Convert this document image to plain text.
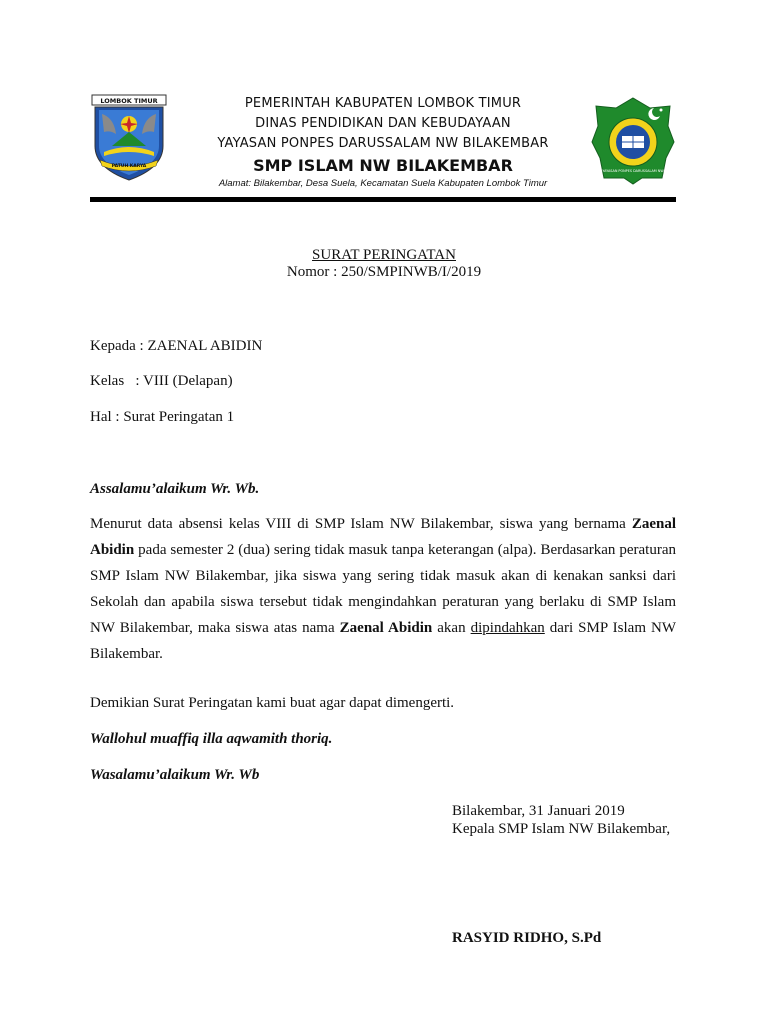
LOMBOK TIMUR
PATUH KARYA
YAYASAN PONPES DARUSSALAM NW
PEMERINTAH KABUPATEN LOMBOK TIMUR
DINAS PENDIDIKAN DAN KEBUDAYAAN
YAYASAN PONPES DARUSSALAM NW BILAKEMBAR
SMP ISLAM NW BILAKEMBAR
Alamat: Bilakembar, Desa Suela, Kecamatan Suela Kabupaten Lombok Timur
SURAT PERINGATAN
Nomor : 250/SMPINWB/I/2019
Kepada : ZAENAL ABIDIN
Kelas   : VIII (Delapan)
Hal : Surat Peringatan 1
Assalamu’alaikum Wr. Wb.
Menurut data absensi kelas VIII di SMP Islam NW Bilakembar, siswa yang bernama Zaenal Abidin pada semester 2 (dua) sering tidak masuk tanpa keterangan (alpa). Berdasarkan peraturan SMP Islam NW Bilakembar, jika siswa yang sering tidak masuk akan di kenakan sanksi dari Sekolah dan apabila siswa tersebut tidak mengindahkan peraturan yang berlaku di SMP Islam NW Bilakembar, maka siswa atas nama Zaenal Abidin akan dipindahkan dari SMP Islam NW Bilakembar.
Demikian Surat Peringatan kami buat agar dapat dimengerti.
Wallohul muaffiq illa aqwamith thoriq.
Wasalamu’alaikum Wr. Wb
Bilakembar, 31 Januari 2019
Kepala SMP Islam NW Bilakembar,
RASYID RIDHO, S.Pd
